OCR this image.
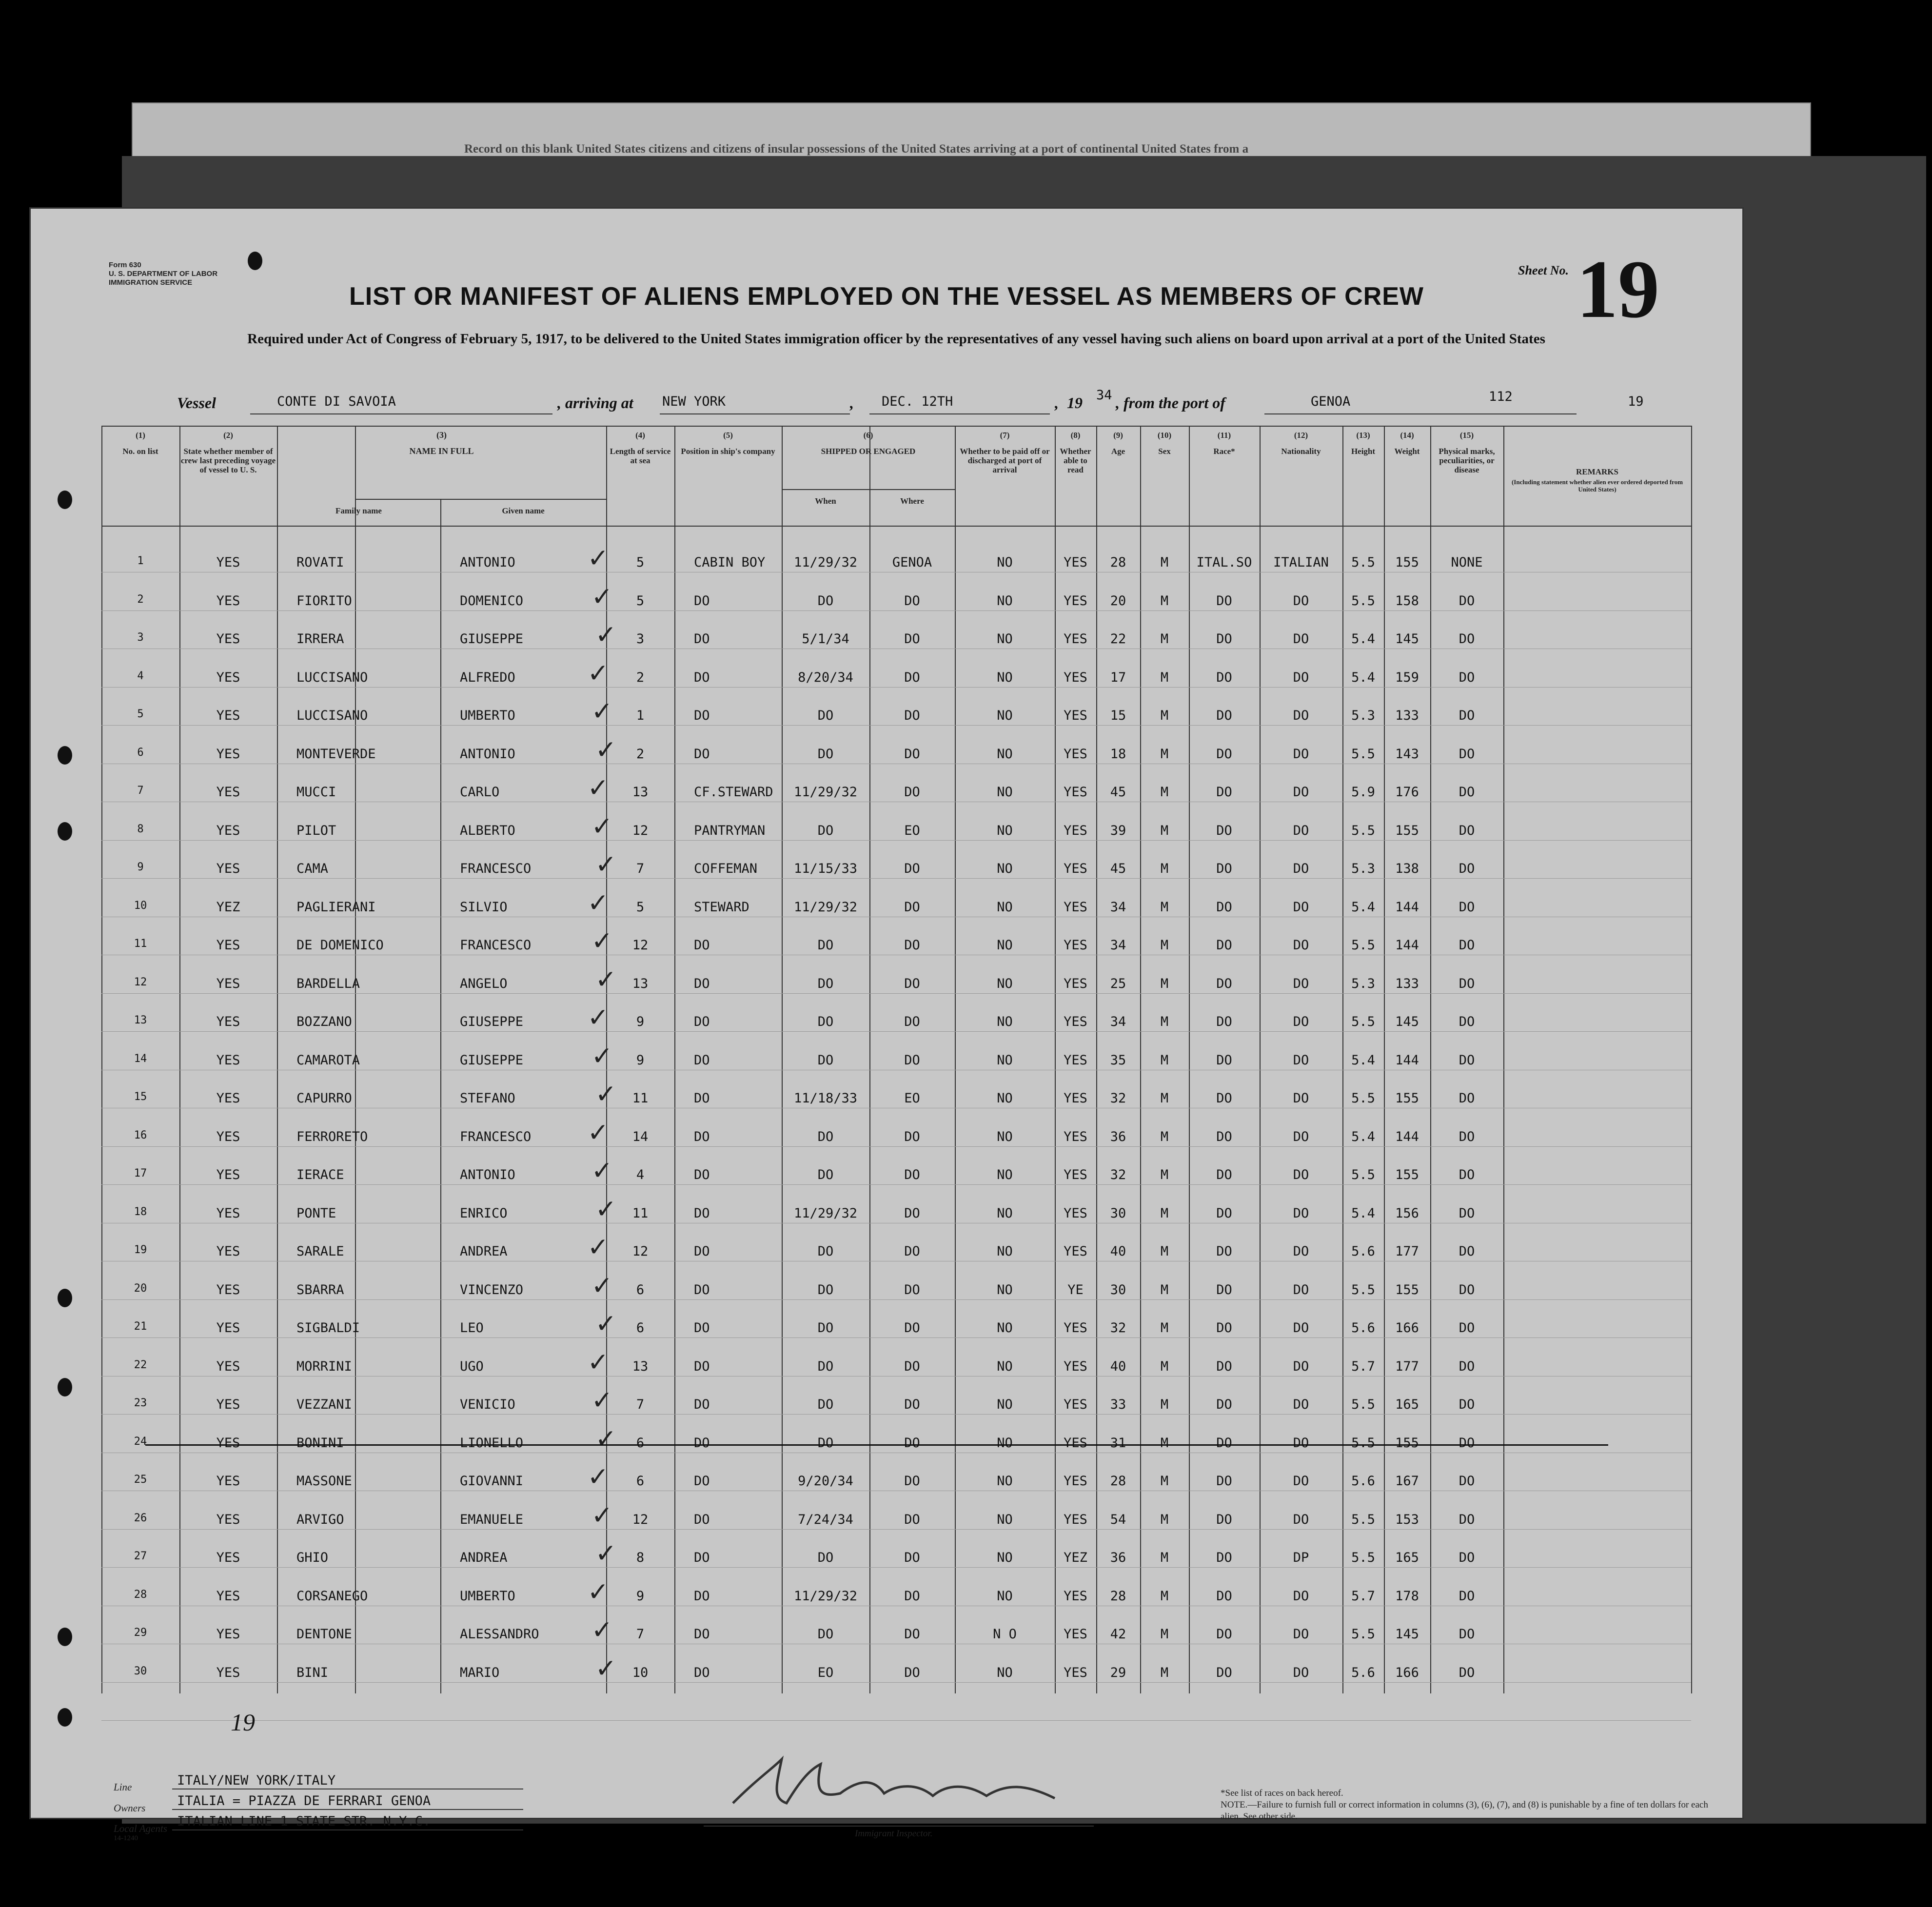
Record on this blank United States citizens and citizens of insular possessions of the United States arriving at a port of continental United States from a
Form 630
U. S. DEPARTMENT OF LABOR
IMMIGRATION SERVICE	LIST OR MANIFEST OF ALIENS EMPLOYED ON THE VESSEL AS MEMBERS OF CREW
Required under Act of Congress of February 5, 1917, to be delivered to the United States immigration officer by the representatives of any vessel having such aliens on board upon arrival at a port of the United States
Sheet No. 19
Vessel	CONTE DI SAVOIA	, arriving at NEW YORK	, DEC. 12TH	, 19 34 , from the port of	GENOA	112	19
(1)
No. on list
(2)
State whether member of crew last preceding voyage of vessel to U. S.
(3)
NAME IN FULL
Family name	Given name
(4)
Length of service at sea
(5)
Position in ship's company
(6)
SHIPPED OR ENGAGED
When	Where
(7)
Whether to be paid off or discharged at port of arrival
(8)
Whether able to read
(9)
Age
(10)
Sex
(11)
Race*
(12)
Nationality
(13)
Height
(14)
Weight
(15)
Physical marks, peculiarities, or disease	REMARKS
(Including statement whether alien ever ordered deported from United States)
1	YES	ROVATI	ANTONIO	5	CABIN BOY	11/29/32	GENOA	NO	YES	28	M	ITAL.SO	ITALIAN	5.5	155	NONE
✓
2	YES	FIORITO	DOMENICO	5	DO	DO	DO	NO	YES	20	M	DO	DO	5.5	158	DO
✓
3	YES	IRRERA	GIUSEPPE	3	DO	5/1/34	DO	NO	YES	22	M	DO	DO	5.4	145	DO
✓
4	YES	LUCCISANO	ALFREDO	2	DO	8/20/34	DO	NO	YES	17	M	DO	DO	5.4	159	DO
✓
5	YES	LUCCISANO	UMBERTO	1	DO	DO	DO	NO	YES	15	M	DO	DO	5.3	133	DO
✓
6	YES	MONTEVERDE	ANTONIO	2	DO	DO	DO	NO	YES	18	M	DO	DO	5.5	143	DO
✓
7	YES	MUCCI	CARLO	13	CF.STEWARD	11/29/32	DO	NO	YES	45	M	DO	DO	5.9	176	DO
✓
8	YES	PILOT	ALBERTO	12	PANTRYMAN	DO	EO	NO	YES	39	M	DO	DO	5.5	155	DO
✓
9	YES	CAMA	FRANCESCO	7	COFFEMAN	11/15/33	DO	NO	YES	45	M	DO	DO	5.3	138	DO
✓
10	YEZ	PAGLIERANI	SILVIO	5	STEWARD	11/29/32	DO	NO	YES	34	M	DO	DO	5.4	144	DO
✓
11	YES	DE DOMENICO	FRANCESCO	12	DO	DO	DO	NO	YES	34	M	DO	DO	5.5	144	DO
✓
12	YES	BARDELLA	ANGELO	13	DO	DO	DO	NO	YES	25	M	DO	DO	5.3	133	DO
✓
13	YES	BOZZANO	GIUSEPPE	9	DO	DO	DO	NO	YES	34	M	DO	DO	5.5	145	DO
✓
14	YES	CAMAROTA	GIUSEPPE	9	DO	DO	DO	NO	YES	35	M	DO	DO	5.4	144	DO
✓
15	YES	CAPURRO	STEFANO	11	DO	11/18/33	EO	NO	YES	32	M	DO	DO	5.5	155	DO
✓
16	YES	FERRORETO	FRANCESCO	14	DO	DO	DO	NO	YES	36	M	DO	DO	5.4	144	DO
✓
17	YES	IERACE	ANTONIO	4	DO	DO	DO	NO	YES	32	M	DO	DO	5.5	155	DO
✓
18	YES	PONTE	ENRICO	11	DO	11/29/32	DO	NO	YES	30	M	DO	DO	5.4	156	DO
✓
19	YES	SARALE	ANDREA	12	DO	DO	DO	NO	YES	40	M	DO	DO	5.6	177	DO
✓
20	YES	SBARRA	VINCENZO	6	DO	DO	DO	NO	YE	30	M	DO	DO	5.5	155	DO
✓
21	YES	SIGBALDI	LEO	6	DO	DO	DO	NO	YES	32	M	DO	DO	5.6	166	DO
✓
22	YES	MORRINI	UGO	13	DO	DO	DO	NO	YES	40	M	DO	DO	5.7	177	DO
✓
23	YES	VEZZANI	VENICIO	7	DO	DO	DO	NO	YES	33	M	DO	DO	5.5	165	DO
✓
24	YES	BONINI	LIONELLO	6	DO	DO	DO	NO	YES	31	M	DO	DO	5.5	155	DO
✓
25	YES	MASSONE	GIOVANNI	6	DO	9/20/34	DO	NO	YES	28	M	DO	DO	5.6	167	DO
✓
26	YES	ARVIGO	EMANUELE	12	DO	7/24/34	DO	NO	YES	54	M	DO	DO	5.5	153	DO
✓
27	YES	GHIO	ANDREA	8	DO	DO	DO	NO	YEZ	36	M	DO	DP	5.5	165	DO
✓
28	YES	CORSANEGO	UMBERTO	9	DO	11/29/32	DO	NO	YES	28	M	DO	DO	5.7	178	DO
✓
29	YES	DENTONE	ALESSANDRO	7	DO	DO	DO	N O	YES	42	M	DO	DO	5.5	145	DO
✓
30	YES	BINI	MARIO	10	DO	EO	DO	NO	YES	29	M	DO	DO	5.6	166	DO
✓
19
Line	ITALY/NEW YORK/ITALY
Owners ITALIA = PIAZZA DE FERRARI GENOA
Local Agents ITALIAN LINE 1 STATE STR. N.Y.C.
14-1240	Immigrant Inspector.
*See list of races on back hereof.
NOTE.—Failure to furnish full or correct information in columns (3), (6), (7), and (8) is punishable by a fine of ten dollars for each alien. See other side.
